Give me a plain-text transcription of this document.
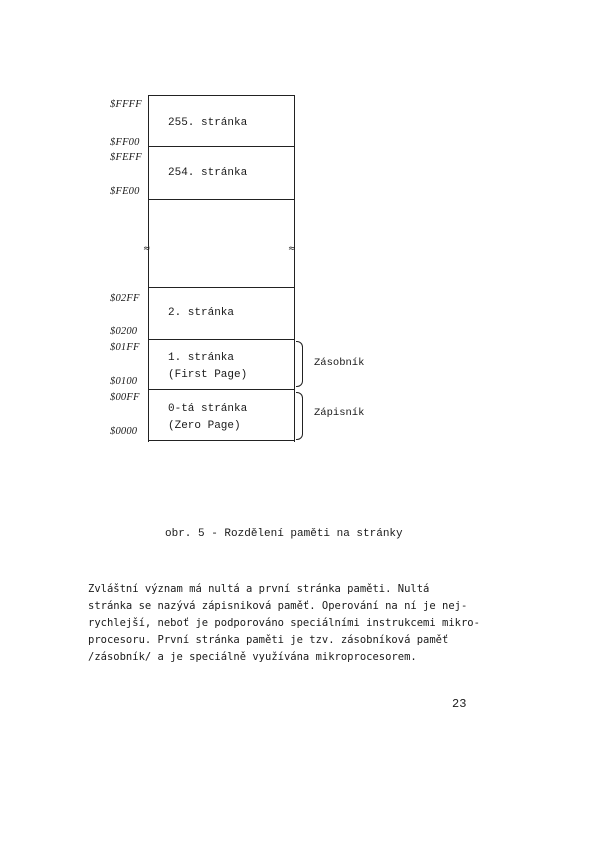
$FFFF
$FF00
$FEFF
$FE00
$02FF
$0200
$01FF
$0100
$00FF
$0000
≈	≈
255. stránka
254. stránka
2. stránka
1. stránka
(First Page)
0-tá stránka
(Zero Page)
Zásobník
Zápisník
obr. 5 - Rozdělení paměti na stránky
Zvláštní význam má nultá a první stránka paměti. Nultá
stránka se nazývá zápisniková paměť. Operování na ní je nej-
rychlejší, neboť je podporováno speciálními instrukcemi mikro-
procesoru. První stránka paměti je tzv. zásobníková paměť
/zásobník/ a je speciálně využívána mikroprocesorem.
23
